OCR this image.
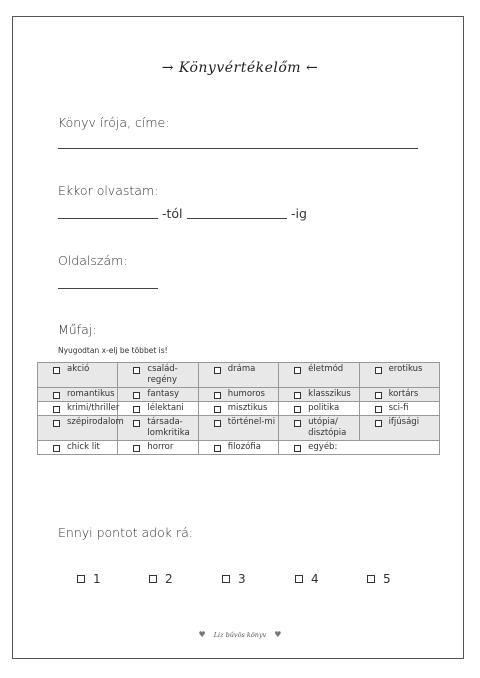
→ Könyvértékelőm ←
Könyv írója, címe:
Ekkor olvastam:
-tól	-ig
Oldalszám:
Műfaj:
Nyugodtan x-elj be többet is!
akció	család-regény	dráma	életmód	erotikus

romantikus	fantasy	humoros	klasszikus	kortárs

krimi/thriller	lélektani	misztikus	politika	sci-fi

szépirodalom	társada-lomkritika	történel-mi	utópia/ disztópia	ifjúsági

chick lit	horror	filozófia	egyéb:	
Ennyi pontot adok rá:
1	2	3	4	5
♥ Liz bűvös könyv ♥
